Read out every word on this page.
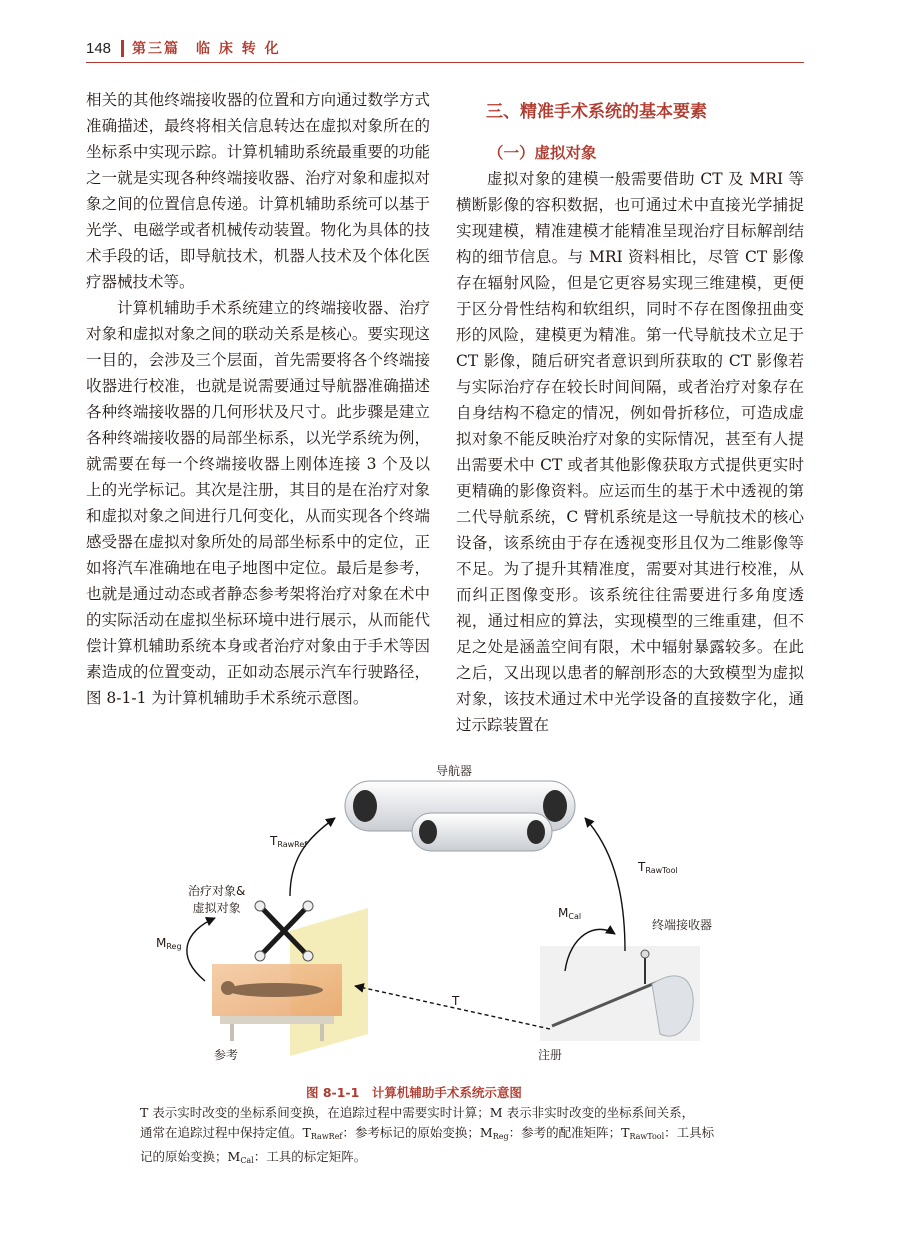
148 第三篇　临 床 转 化

相关的其他终端接收器的位置和方向通过数学方式准确描述，最终将相关信息转达在虚拟对象所在的坐标系中实现示踪。计算机辅助系统最重要的功能之一就是实现各种终端接收器、治疗对象和虚拟对象之间的位置信息传递。计算机辅助系统可以基于光学、电磁学或者机械传动装置。物化为具体的技术手段的话，即导航技术，机器人技术及个体化医疗器械技术等。

计算机辅助手术系统建立的终端接收器、治疗对象和虚拟对象之间的联动关系是核心。要实现这一目的，会涉及三个层面，首先需要将各个终端接收器进行校准，也就是说需要通过导航器准确描述各种终端接收器的几何形状及尺寸。此步骤是建立各种终端接收器的局部坐标系，以光学系统为例，就需要在每一个终端接收器上刚体连接 3 个及以上的光学标记。其次是注册，其目的是在治疗对象和虚拟对象之间进行几何变化，从而实现各个终端感受器在虚拟对象所处的局部坐标系中的定位，正如将汽车准确地在电子地图中定位。最后是参考，也就是通过动态或者静态参考架将治疗对象在术中的实际活动在虚拟坐标环境中进行展示，从而能代偿计算机辅助系统本身或者治疗对象由于手术等因素造成的位置变动，正如动态展示汽车行驶路径，图 8-1-1 为计算机辅助手术系统示意图。

三、精准手术系统的基本要素
（一）虚拟对象

虚拟对象的建模一般需要借助 CT 及 MRI 等横断影像的容积数据，也可通过术中直接光学捕捉实现建模，精准建模才能精准呈现治疗目标解剖结构的细节信息。与 MRI 资料相比，尽管 CT 影像存在辐射风险，但是它更容易实现三维建模，更便于区分骨性结构和软组织，同时不存在图像扭曲变形的风险，建模更为精准。第一代导航技术立足于 CT 影像，随后研究者意识到所获取的 CT 影像若与实际治疗存在较长时间间隔，或者治疗对象存在自身结构不稳定的情况，例如骨折移位，可造成虚拟对象不能反映治疗对象的实际情况，甚至有人提出需要术中 CT 或者其他影像获取方式提供更实时更精确的影像资料。应运而生的基于术中透视的第二代导航系统，C 臂机系统是这一导航技术的核心设备，该系统由于存在透视变形且仅为二维影像等不足。为了提升其精准度，需要对其进行校准，从而纠正图像变形。该系统往往需要进行多角度透视，通过相应的算法，实现模型的三维重建，但不足之处是涵盖空间有限，术中辐射暴露较多。在此之后，又出现以患者的解剖形态的大致模型为虚拟对象，该技术通过术中光学设备的直接数字化，通过示踪装置在

导航器
$T_{RawRef}$
$T_{RawTool}$
治疗对象&
虚拟对象	$M_{Cal}$
终端接收器
$M_{Reg}$
T
参考	注册
图 8-1-1　计算机辅助手术系统示意图

T 表示实时改变的坐标系间变换，在追踪过程中需要实时计算；M 表示非实时改变的坐标系间关系，

通常在追踪过程中保持定值。$T_{RawRef}$：参考标记的原始变换；$M_{Reg}$：参考的配准矩阵；$T_{RawTool}$：工具标

记的原始变换；$M_{Cal}$：工具的标定矩阵。
